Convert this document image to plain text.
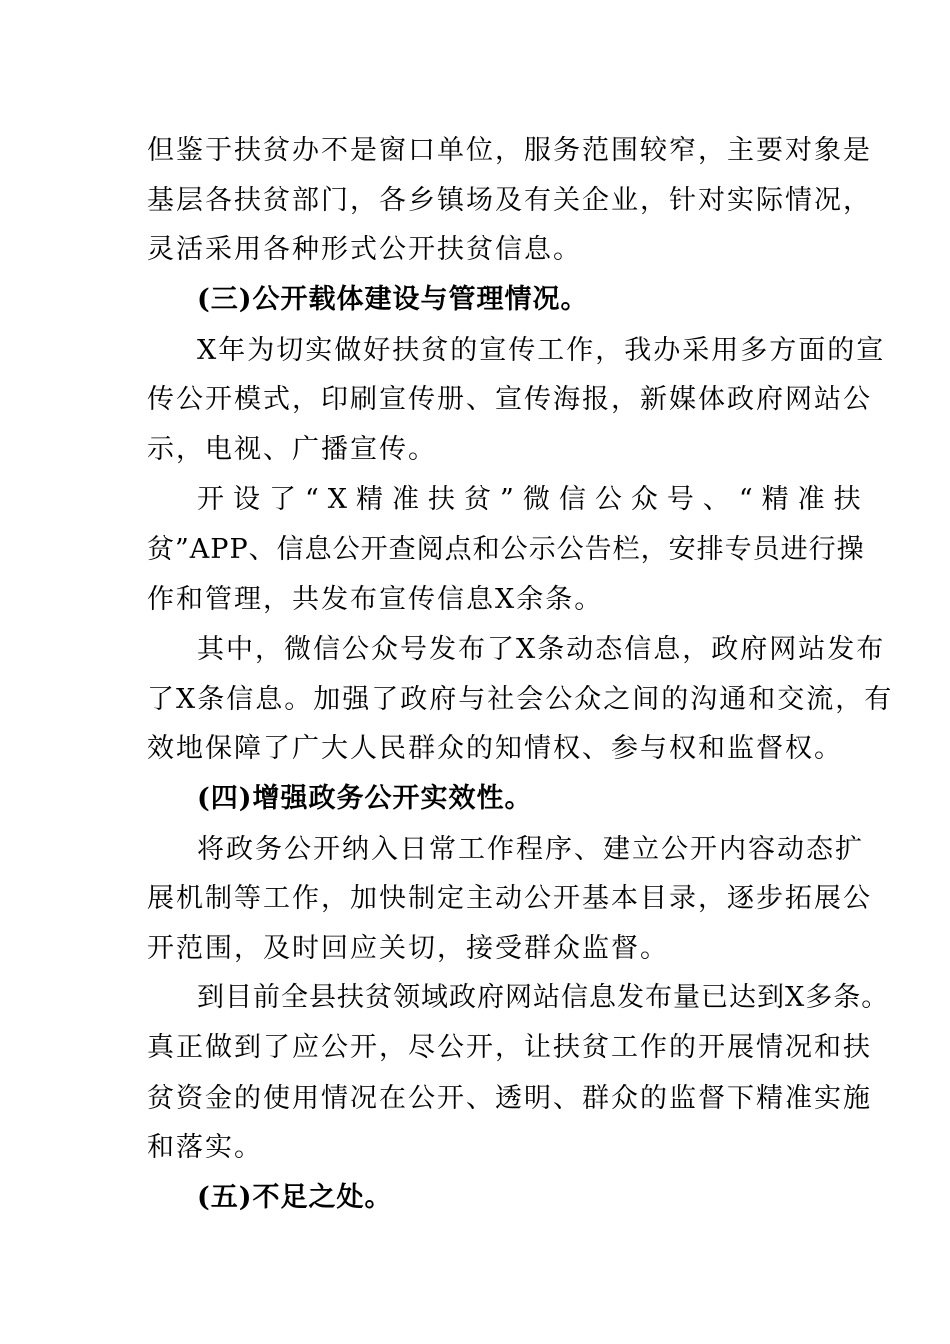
但鉴于扶贫办不是窗口单位，服务范围较窄，主要对象是
基层各扶贫部门，各乡镇场及有关企业，针对实际情况，
灵活采用各种形式公开扶贫信息。
(三)公开载体建设与管理情况。
X年为切实做好扶贫的宣传工作，我办采用多方面的宣
传公开模式，印刷宣传册、宣传海报，新媒体政府网站公
示，电视、广播宣传。
开设了“X精准扶贫”微信公众号、“精准扶
贫”APP、信息公开查阅点和公示公告栏，安排专员进行操
作和管理，共发布宣传信息X余条。
其中，微信公众号发布了X条动态信息，政府网站发布
了X条信息。加强了政府与社会公众之间的沟通和交流，有
效地保障了广大人民群众的知情权、参与权和监督权。
(四)增强政务公开实效性。
将政务公开纳入日常工作程序、建立公开内容动态扩
展机制等工作，加快制定主动公开基本目录，逐步拓展公
开范围，及时回应关切，接受群众监督。
到目前全县扶贫领域政府网站信息发布量已达到X多条。
真正做到了应公开，尽公开，让扶贫工作的开展情况和扶
贫资金的使用情况在公开、透明、群众的监督下精准实施
和落实。
(五)不足之处。
